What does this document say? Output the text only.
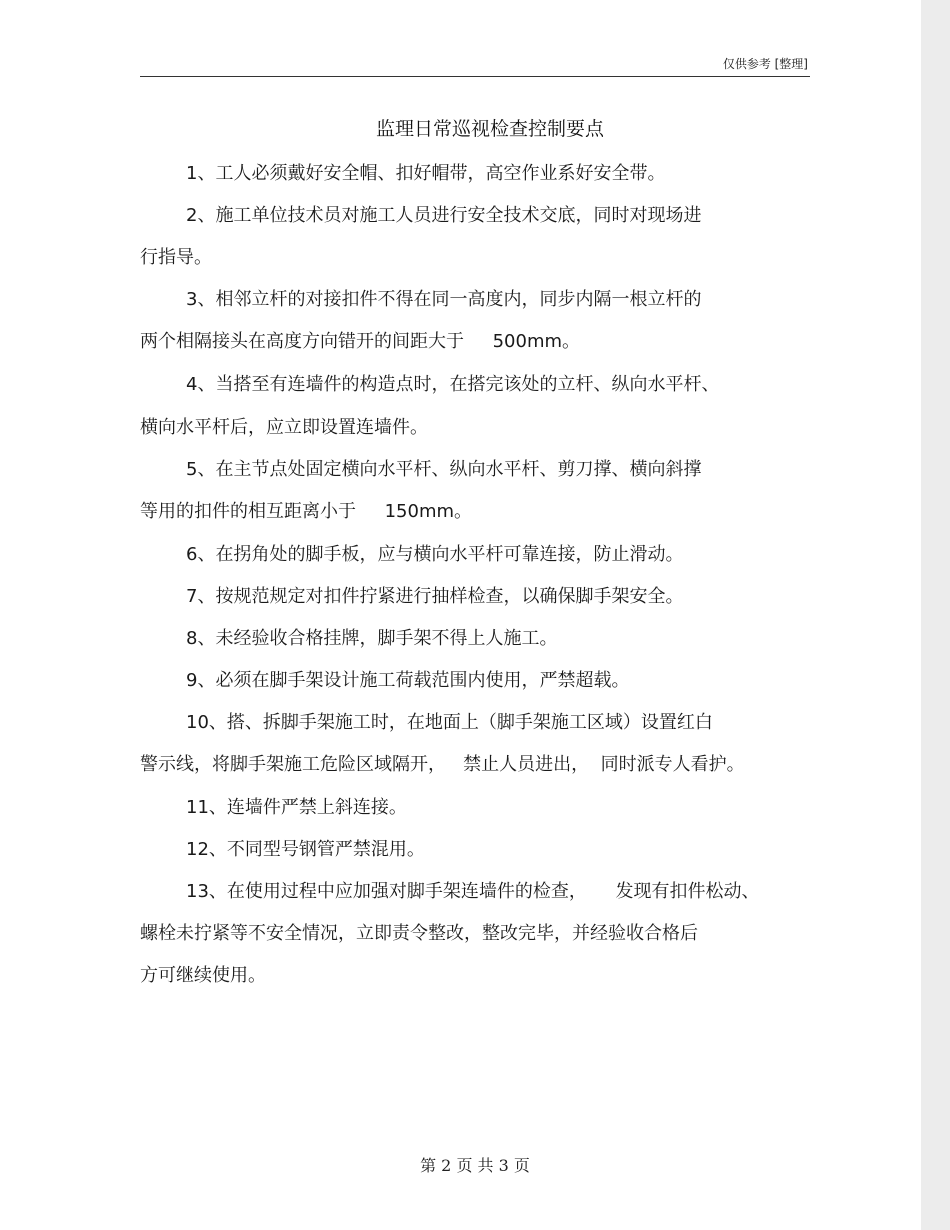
仅供参考 [整理]
监理日常巡视检查控制要点
1、工人必须戴好安全帽、扣好帽带，高空作业系好安全带。
2、施工单位技术员对施工人员进行安全技术交底，同时对现场进
行指导。
3、相邻立杆的对接扣件不得在同一高度内，同步内隔一根立杆的
两个相隔接头在高度方向错开的间距大于     500mm。
4、当搭至有连墙件的构造点时，在搭完该处的立杆、纵向水平杆、
横向水平杆后，应立即设置连墙件。
5、在主节点处固定横向水平杆、纵向水平杆、剪刀撑、横向斜撑
等用的扣件的相互距离小于     150mm。
6、在拐角处的脚手板，应与横向水平杆可靠连接，防止滑动。
7、按规范规定对扣件拧紧进行抽样检查，以确保脚手架安全。
8、未经验收合格挂牌，脚手架不得上人施工。
9、必须在脚手架设计施工荷载范围内使用，严禁超载。
10、搭、拆脚手架施工时，在地面上（脚手架施工区域）设置红白
警示线，将脚手架施工危险区域隔开，   禁止人员进出，  同时派专人看护。
11、连墙件严禁上斜连接。
12、不同型号钢管严禁混用。
13、在使用过程中应加强对脚手架连墙件的检查，     发现有扣件松动、
螺栓未拧紧等不安全情况，立即责令整改，整改完毕，并经验收合格后
方可继续使用。
第 2 页 共 3 页
